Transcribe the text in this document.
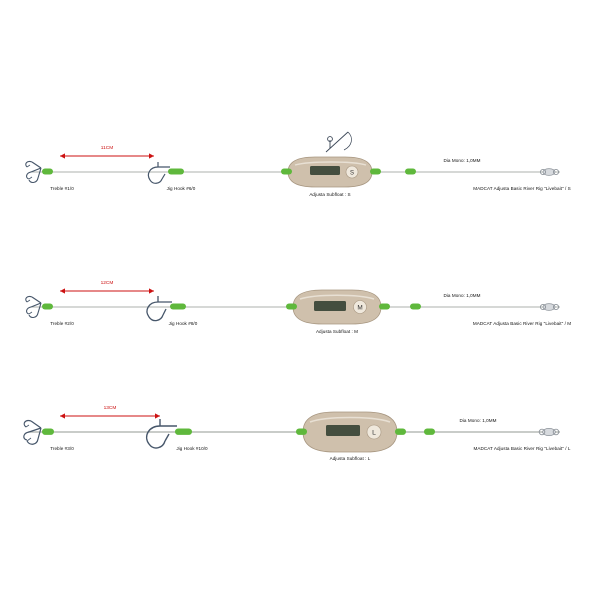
S
11CM
Treble #1/0	Jig Hook #6/0
Adjusta Subfloat : S
Dia Mono: 1,0MM
MADCAT Adjusta Basic River Rig "Livebait" / S
M
12CM
Treble #2/0	Jig Hook #8/0
Adjusta Subfloat : M
Dia Mono: 1,0MM
MADCAT Adjusta Basic River Rig "Livebait" / M
L
13CM
Treble #3/0	Jig Hook #10/0
Adjusta Subfloat : L
Dia Mono: 1,0MM
MADCAT Adjusta Basic River Rig "Livebait" / L
